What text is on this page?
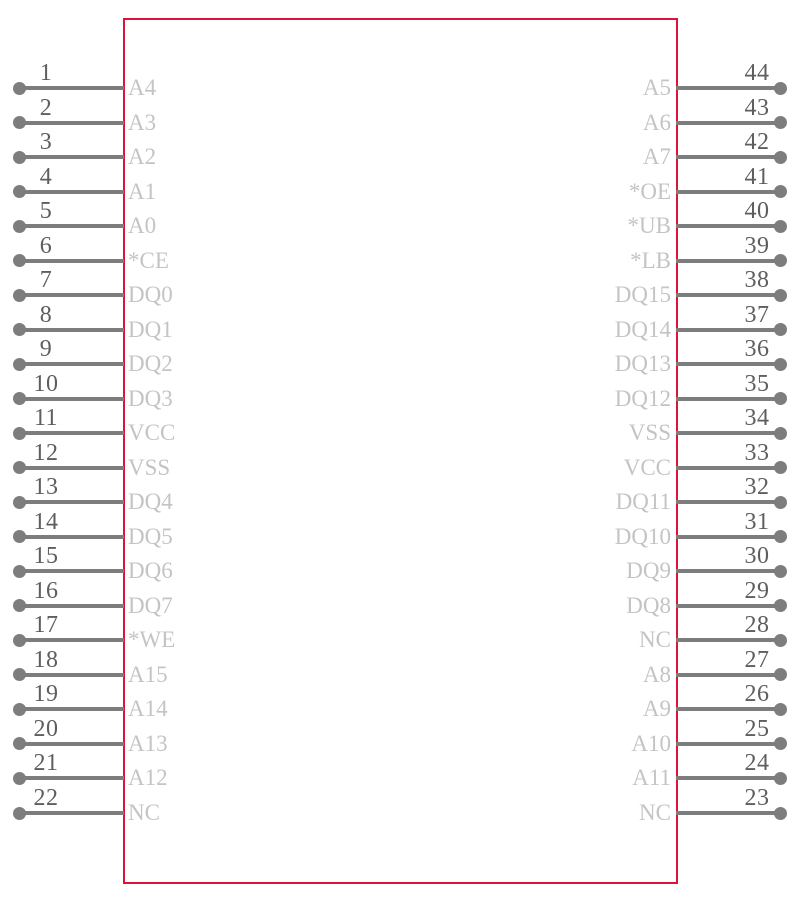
1
A4
2
A3
3
A2
4
A1
5
A0
6
*CE
7
DQ0
8
DQ1
9
DQ2
10
DQ3
11
VCC
12
VSS
13
DQ4
14
DQ5
15
DQ6
16
DQ7
17
*WE
18
A15
19
A14
20
A13
21
A12
22
NC
44
A5
43
A6
42
A7
41
*OE
40
*UB
39
*LB
38
DQ15
37
DQ14
36
DQ13
35
DQ12
34
VSS
33
VCC
32
DQ11
31
DQ10
30
DQ9
29
DQ8
28
NC
27
A8
26
A9
25
A10
24
A11
23
NC
